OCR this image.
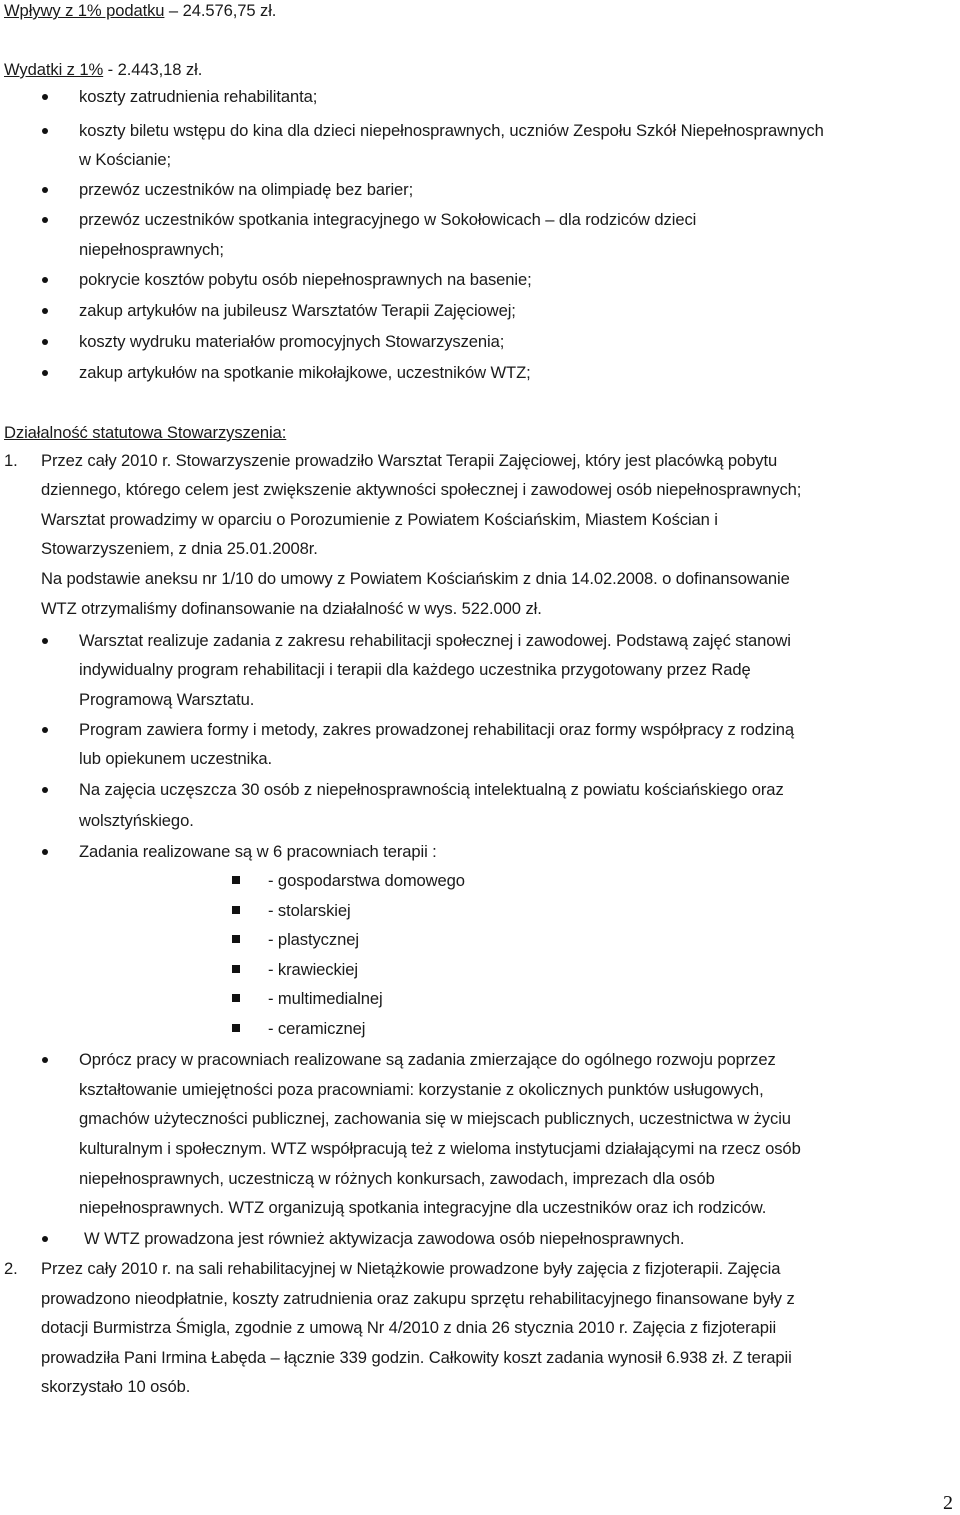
Wpływy z 1% podatku – 24.576,75 zł.
Wydatki z 1% - 2.443,18 zł.
koszty zatrudnienia rehabilitanta;
koszty biletu wstępu do kina dla dzieci niepełnosprawnych, uczniów Zespołu Szkół Niepełnosprawnych
w Kościanie;
przewóz uczestników na olimpiadę bez barier;
przewóz uczestników spotkania integracyjnego w Sokołowicach – dla rodziców dzieci
niepełnosprawnych;
pokrycie kosztów pobytu osób niepełnosprawnych na basenie;
zakup artykułów na jubileusz Warsztatów Terapii Zajęciowej;
koszty wydruku materiałów promocyjnych Stowarzyszenia;
zakup artykułów na spotkanie mikołajkowe, uczestników WTZ;
Działalność statutowa Stowarzyszenia:
1. Przez cały 2010 r. Stowarzyszenie prowadziło Warsztat Terapii Zajęciowej, który jest placówką pobytu
dziennego, którego celem jest zwiększenie aktywności społecznej i zawodowej osób niepełnosprawnych;
Warsztat prowadzimy w oparciu o Porozumienie z Powiatem Kościańskim, Miastem Kościan i
Stowarzyszeniem, z dnia 25.01.2008r.
Na podstawie aneksu nr 1/10 do umowy z Powiatem Kościańskim z dnia 14.02.2008. o dofinansowanie
WTZ otrzymaliśmy dofinansowanie na działalność w wys. 522.000 zł.
Warsztat realizuje zadania z zakresu rehabilitacji społecznej i zawodowej. Podstawą zajęć stanowi
indywidualny program rehabilitacji i terapii dla każdego uczestnika przygotowany przez Radę
Programową Warsztatu.
Program zawiera formy i metody, zakres prowadzonej rehabilitacji oraz formy współpracy z rodziną
lub opiekunem uczestnika.
Na zajęcia uczęszcza 30 osób z niepełnosprawnością intelektualną z powiatu kościańskiego oraz
wolsztyńskiego.
Zadania realizowane są w 6 pracowniach terapii :
- gospodarstwa domowego
- stolarskiej
- plastycznej
- krawieckiej
- multimedialnej
- ceramicznej
Oprócz pracy w pracowniach realizowane są zadania zmierzające do ogólnego rozwoju poprzez
kształtowanie umiejętności poza pracowniami: korzystanie z okolicznych punktów usługowych,
gmachów użyteczności publicznej, zachowania się w miejscach publicznych, uczestnictwa w życiu
kulturalnym i społecznym. WTZ współpracują też z wieloma instytucjami działającymi na rzecz osób
niepełnosprawnych, uczestniczą w różnych konkursach, zawodach, imprezach dla osób
niepełnosprawnych. WTZ organizują spotkania integracyjne dla uczestników oraz ich rodziców.
W WTZ prowadzona jest również aktywizacja zawodowa osób niepełnosprawnych.
2. Przez cały 2010 r. na sali rehabilitacyjnej w Nietążkowie prowadzone były zajęcia z fizjoterapii. Zajęcia
prowadzono nieodpłatnie, koszty zatrudnienia oraz zakupu sprzętu rehabilitacyjnego finansowane były z
dotacji Burmistrza Śmigla, zgodnie z umową Nr 4/2010 z dnia 26 stycznia 2010 r. Zajęcia z fizjoterapii
prowadziła Pani Irmina Łabęda – łącznie 339 godzin. Całkowity koszt zadania wynosił 6.938 zł. Z terapii
skorzystało 10 osób.
2
